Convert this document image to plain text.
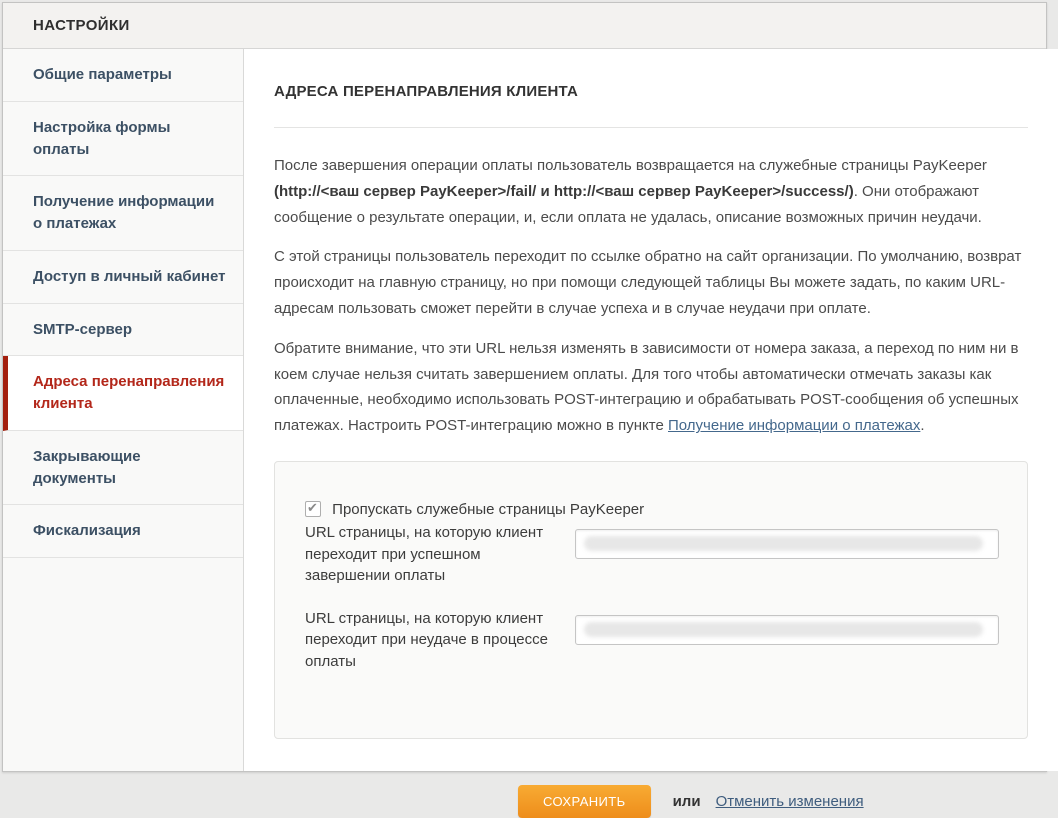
НАСТРОЙКИ
Общие параметры
Настройка формы оплаты
Получение информации о платежах
Доступ в личный кабинет
SMTP-сервер
Адреса перенаправления клиента
Закрывающие документы
Фискализация
АДРЕСА ПЕРЕНАПРАВЛЕНИЯ КЛИЕНТА

После завершения операции оплаты пользователь возвращается на служебные страницы PayKeeper (http://<ваш сервер PayKeeper>/fail/ и http://<ваш сервер PayKeeper>/success/). Они отображают сообщение о результате операции, и, если оплата не удалась, описание возможных причин неудачи.

С этой страницы пользователь переходит по ссылке обратно на сайт организации. По умолчанию, возврат происходит на главную страницу, но при помощи следующей таблицы Вы можете задать, по каким URL-адресам пользовать сможет перейти в случае успеха и в случае неудачи при оплате.

Обратите внимание, что эти URL нельзя изменять в зависимости от номера заказа, а переход по ним ни в коем случае нельзя считать завершением оплаты. Для того чтобы автоматически отмечать заказы как оплаченные, необходимо использовать POST-интеграцию и обрабатывать POST-сообщения об успешных платежах. Настроить POST-интеграцию можно в пункте Получение информации о платежах.

Пропускать служебные страницы PayKeeper
URL страницы, на которую клиент переходит при успешном завершении оплаты
URL страницы, на которую клиент переходит при неудаче в процессе оплаты
СОХРАНИТЬ	или Отменить изменения
